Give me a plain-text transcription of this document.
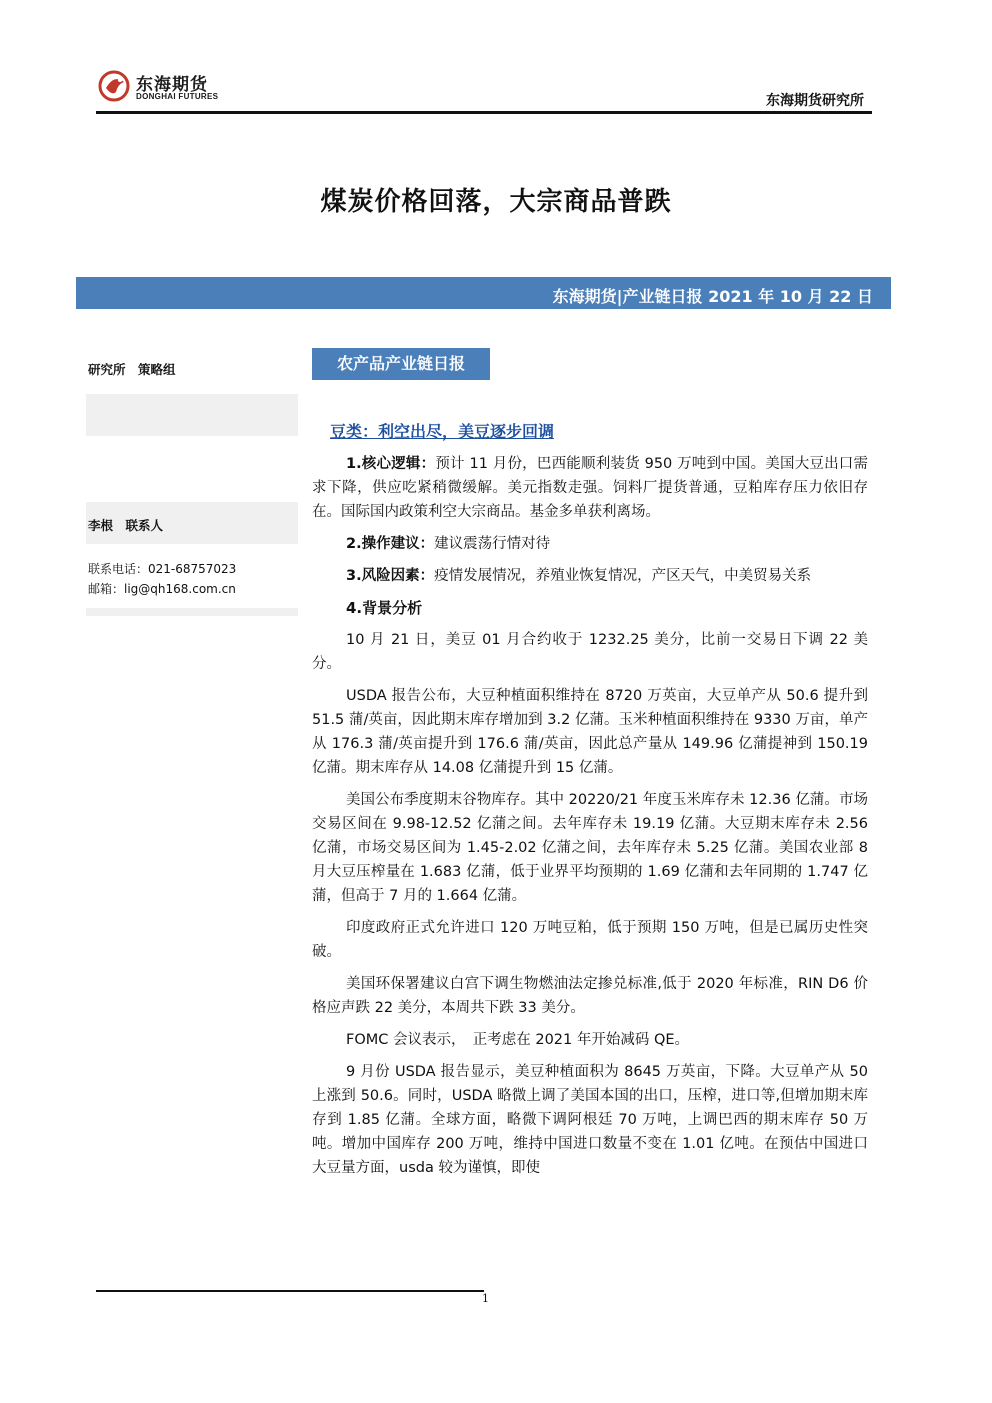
东海期货
DONGHAI FUTURES	东海期货研究所
煤炭价格回落，大宗商品普跌
东海期货|产业链日报 2021 年 10 月 22 日
研究所　策略组
李根　联系人
联系电话：021-68757023
邮箱：lig@qh168.com.cn
农产品产业链日报
豆类：利空出尽，美豆逐步回调

1.核心逻辑：预计 11 月份，巴西能顺利装货 950 万吨到中国。美国大豆出口需求下降，供应吃紧稍微缓解。美元指数走强。饲料厂提货普通，豆粕库存压力依旧存在。国际国内政策利空大宗商品。基金多单获利离场。

2.操作建议：建议震荡行情对待

3.风险因素：疫情发展情况，养殖业恢复情况，产区天气，中美贸易关系

4.背景分析

10 月 21 日，美豆 01 月合约收于 1232.25 美分，比前一交易日下调 22 美分。

USDA 报告公布，大豆种植面积维持在 8720 万英亩，大豆单产从 50.6 提升到 51.5 蒲/英亩，因此期末库存增加到 3.2 亿蒲。玉米种植面积维持在 9330 万亩，单产从 176.3 蒲/英亩提升到 176.6 蒲/英亩，因此总产量从 149.96 亿蒲提神到 150.19 亿蒲。期末库存从 14.08 亿蒲提升到 15 亿蒲。

美国公布季度期末谷物库存。其中 20220/21 年度玉米库存未 12.36 亿蒲。市场交易区间在 9.98-12.52 亿蒲之间。去年库存未 19.19 亿蒲。大豆期末库存未 2.56 亿蒲，市场交易区间为 1.45-2.02 亿蒲之间，去年库存未 5.25 亿蒲。美国农业部 8 月大豆压榨量在 1.683 亿蒲，低于业界平均预期的 1.69 亿蒲和去年同期的 1.747 亿蒲，但高于 7 月的 1.664 亿蒲。

印度政府正式允许进口 120 万吨豆粕，低于预期 150 万吨，但是已属历史性突破。

美国环保署建议白宫下调生物燃油法定掺兑标准,低于 2020 年标准，RIN D6 价格应声跌 22 美分，本周共下跌 33 美分。

FOMC 会议表示，　正考虑在 2021 年开始减码 QE。

9 月份 USDA 报告显示，美豆种植面积为 8645 万英亩，下降。大豆单产从 50 上涨到 50.6。同时，USDA 略微上调了美国本国的出口，压榨，进口等,但增加期末库存到 1.85 亿蒲。全球方面，略微下调阿根廷 70 万吨，上调巴西的期末库存 50 万吨。增加中国库存 200 万吨，维持中国进口数量不变在 1.01 亿吨。在预估中国进口大豆量方面，usda 较为谨慎，即使

1
